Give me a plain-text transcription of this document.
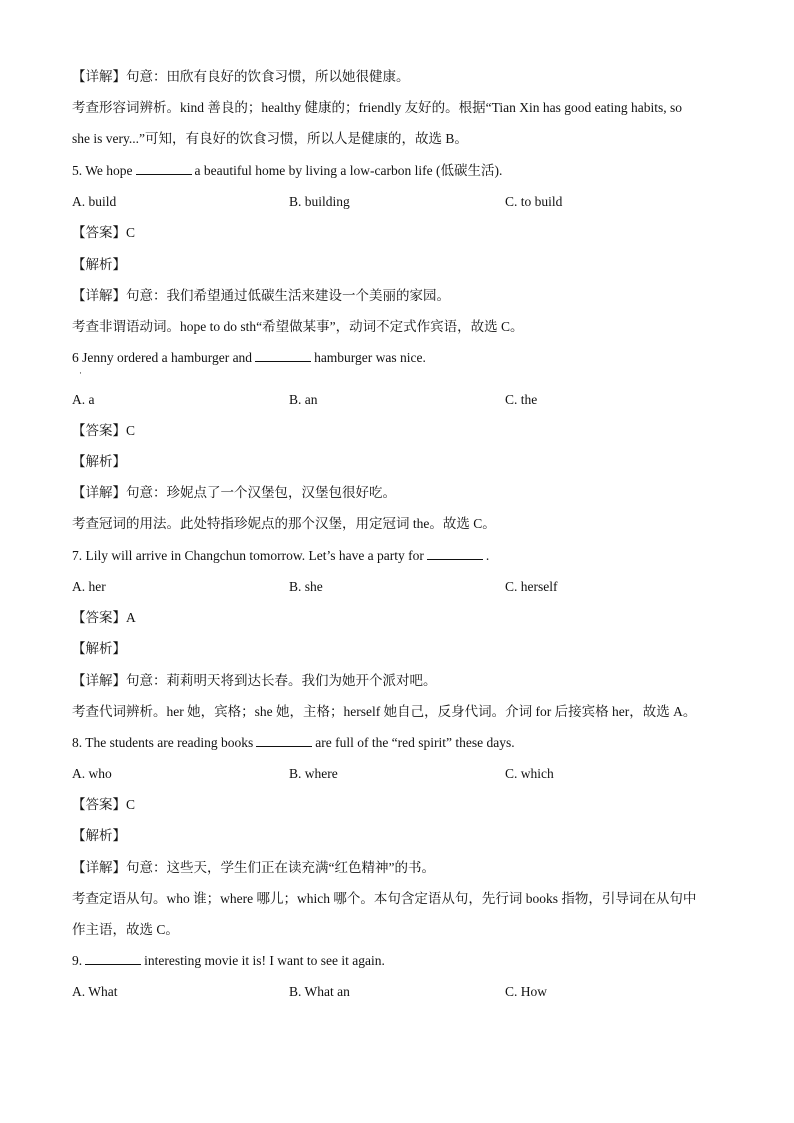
【详解】句意：田欣有良好的饮食习惯，所以她很健康。
考查形容词辨析。kind 善良的；healthy 健康的；friendly 友好的。根据“Tian Xin has good eating habits, so
she is very...”可知，有良好的饮食习惯，所以人是健康的，故选 B。
5. We hope	a beautiful home by living a low-carbon life (低碳生活).
A. build	B. building	C. to build
【答案】C
【解析】
【详解】句意：我们希望通过低碳生活来建设一个美丽的家园。
考查非谓语动词。hope to do sth“希望做某事”，动词不定式作宾语，故选 C。
6 Jenny ordered a hamburger and	hamburger was nice.
·
A. a	B. an	C. the
【答案】C
【解析】
【详解】句意：珍妮点了一个汉堡包，汉堡包很好吃。
考查冠词的用法。此处特指珍妮点的那个汉堡，用定冠词 the。故选 C。
7. Lily will arrive in Changchun tomorrow. Let’s have a party for	.
A. her	B. she	C. herself
【答案】A
【解析】
【详解】句意：莉莉明天将到达长春。我们为她开个派对吧。
考查代词辨析。her 她，宾格；she 她，主格；herself 她自己，反身代词。介词 for 后接宾格 her，故选 A。
8. The students are reading books	are full of the “red spirit” these days.
A. who	B. where	C. which
【答案】C
【解析】
【详解】句意：这些天，学生们正在读充满“红色精神”的书。
考查定语从句。who 谁；where 哪儿；which 哪个。本句含定语从句，先行词 books 指物，引导词在从句中
作主语，故选 C。
9.	interesting movie it is! I want to see it again.
A. What	B. What an	C. How
